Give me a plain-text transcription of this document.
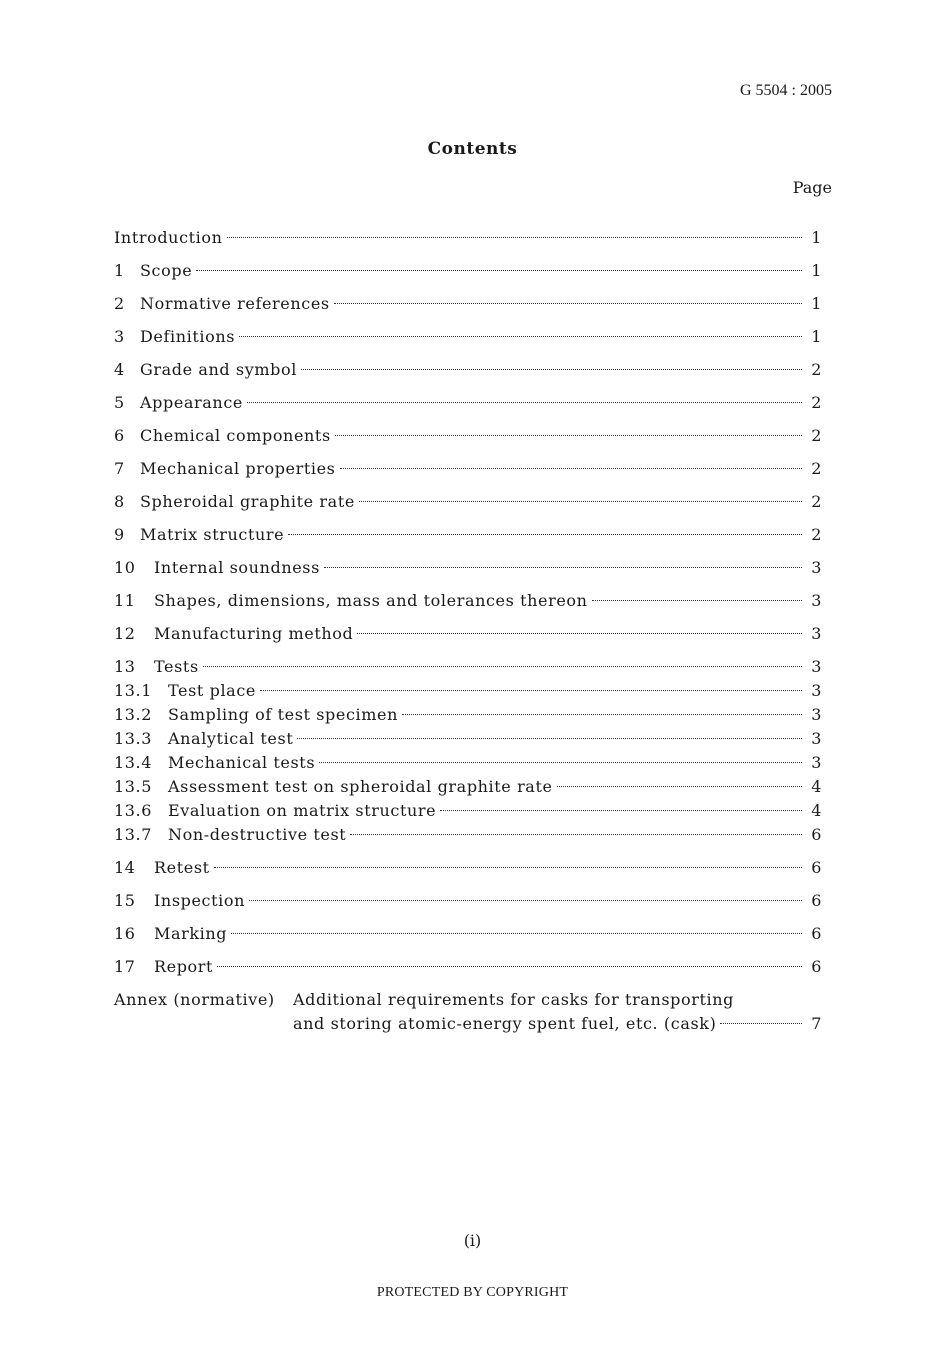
G 5504 : 2005
Contents
Page
Introduction	1
1 Scope	1
2 Normative references	1
3 Definitions	1
4 Grade and symbol	2
5 Appearance	2
6 Chemical components	2
7 Mechanical properties	2
8 Spheroidal graphite rate	2
9 Matrix structure	2
10	Internal soundness	3
11	Shapes, dimensions, mass and tolerances thereon	3
12	Manufacturing method	3
13	Tests	3
13.1 Test place	3
13.2 Sampling of test specimen	3
13.3 Analytical test	3
13.4 Mechanical tests	3
13.5 Assessment test on spheroidal graphite rate	4
13.6 Evaluation on matrix structure	4
13.7 Non-destructive test	6
14	Retest	6
15	Inspection	6
16	Marking	6
17	Report	6
Annex (normative)	Additional requirements for casks for transporting
and storing atomic-energy spent fuel, etc. (cask)	7
(i)
PROTECTED BY COPYRIGHT
